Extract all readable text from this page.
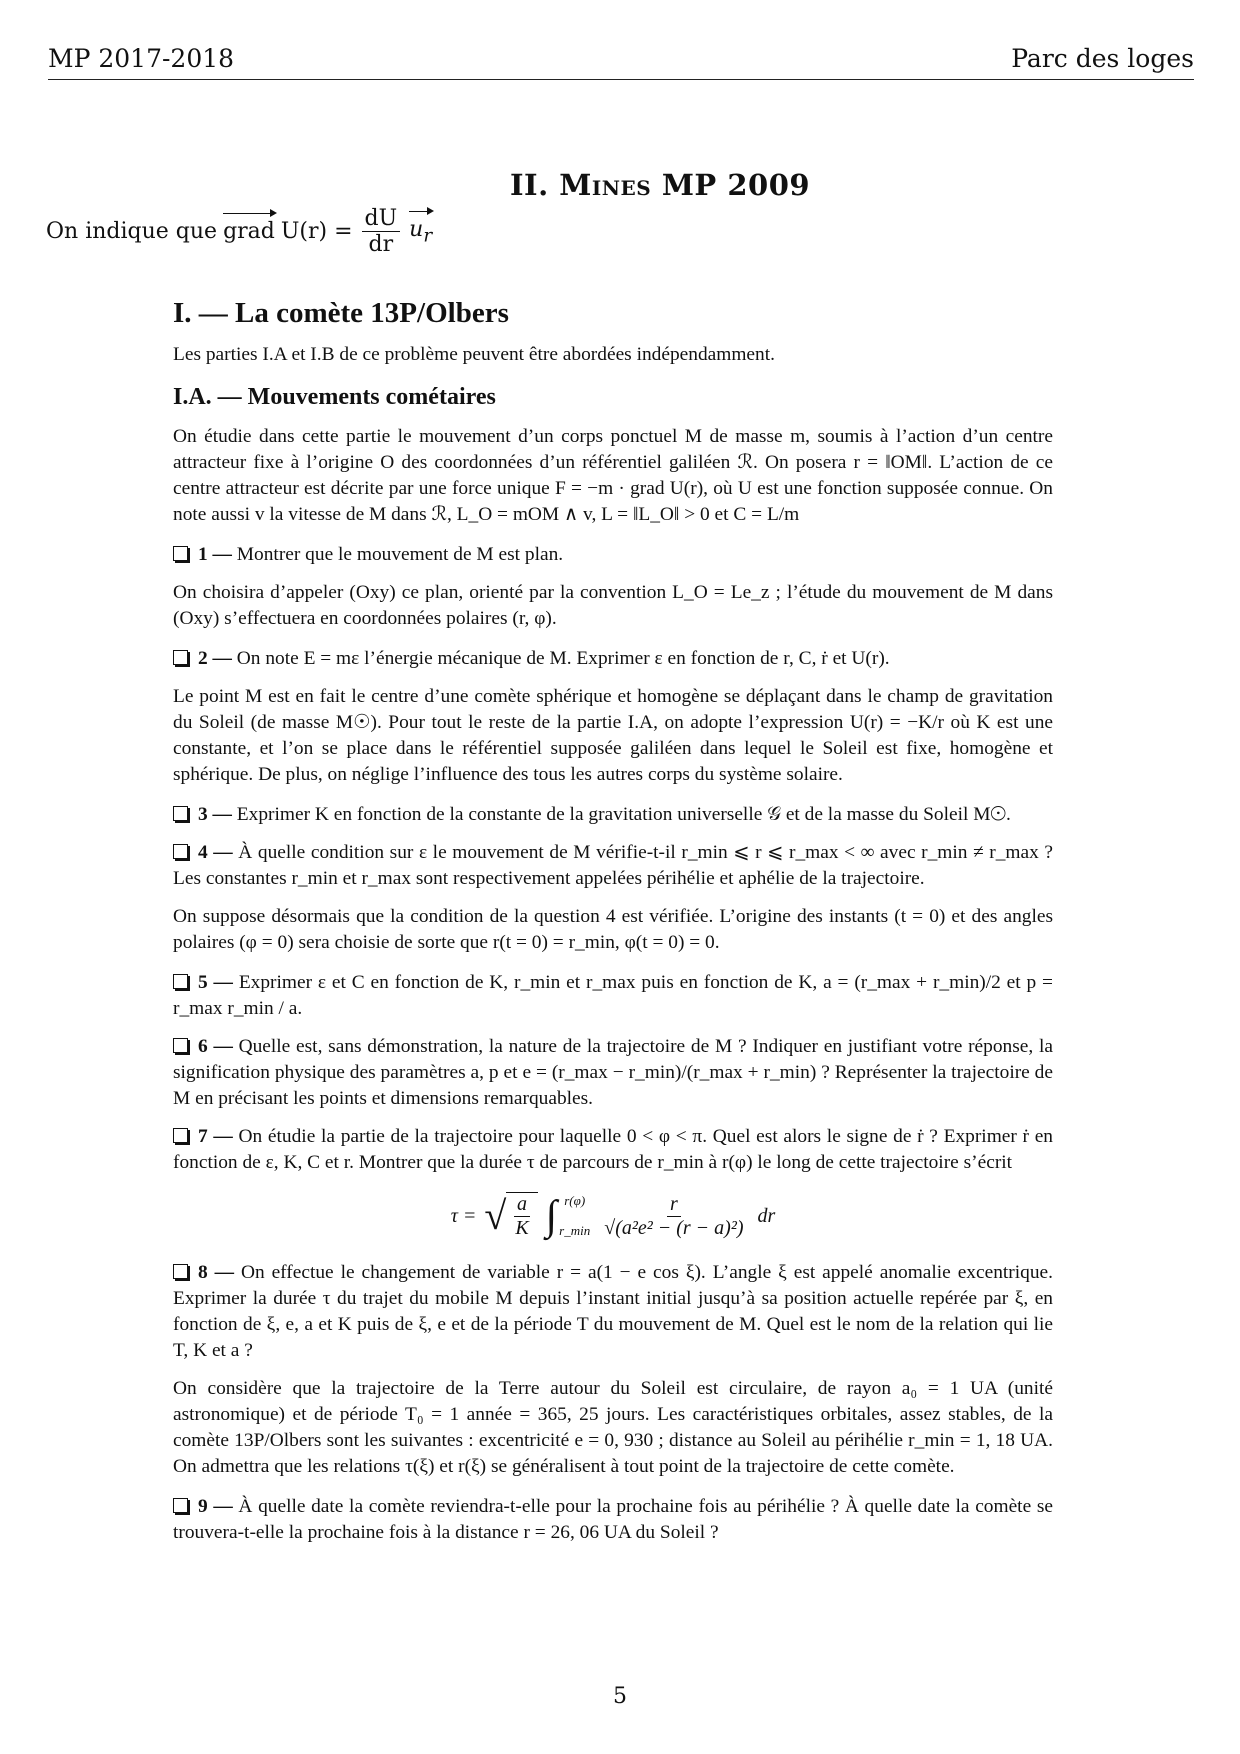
MP 2017-2018	Parc des loges
II. Mines MP 2009
On indique que grad $U(r) = \frac{dU}{dr} u_r$
I. — La comète 13P/Olbers

Les parties I.A et I.B de ce problème peuvent être abordées indépendamment.

I.A. — Mouvements cométaires

On étudie dans cette partie le mouvement d’un corps ponctuel M de masse m, soumis à l’action d’un centre attracteur fixe à l’origine O des coordonnées d’un référentiel galiléen ℛ. On posera r = ‖OM‖. L’action de ce centre attracteur est décrite par une force unique F = −m · grad U(r), où U est une fonction supposée connue. On note aussi v la vitesse de M dans ℛ, L_O = mOM ∧ v, L = ‖L_O‖ > 0 et C = L/m

1 — Montrer que le mouvement de M est plan.

On choisira d’appeler (Oxy) ce plan, orienté par la convention L_O = Le_z ; l’étude du mouvement de M dans (Oxy) s’effectuera en coordonnées polaires (r, φ).

2 — On note E = mε l’énergie mécanique de M. Exprimer ε en fonction de r, C, ṙ et U(r).

Le point M est en fait le centre d’une comète sphérique et homogène se déplaçant dans le champ de gravitation du Soleil (de masse M☉). Pour tout le reste de la partie I.A, on adopte l’expression U(r) = −K/r où K est une constante, et l’on se place dans le référentiel supposée galiléen dans lequel le Soleil est fixe, homogène et sphérique. De plus, on néglige l’influence des tous les autres corps du système solaire.

3 — Exprimer K en fonction de la constante de la gravitation universelle 𝒢 et de la masse du Soleil M☉.
4 — À quelle condition sur ε le mouvement de M vérifie-t-il r_min ⩽ r ⩽ r_max < ∞ avec r_min ≠ r_max ? Les constantes r_min et r_max sont respectivement appelées périhélie et aphélie de la trajectoire.

On suppose désormais que la condition de la question 4 est vérifiée. L’origine des instants (t = 0) et des angles polaires (φ = 0) sera choisie de sorte que r(t = 0) = r_min, φ(t = 0) = 0.

5 — Exprimer ε et C en fonction de K, r_min et r_max puis en fonction de K, a = (r_max + r_min)/2 et p = r_max r_min / a.
6 — Quelle est, sans démonstration, la nature de la trajectoire de M ? Indiquer en justifiant votre réponse, la signification physique des paramètres a, p et e = (r_max − r_min)/(r_max + r_min) ? Représenter la trajectoire de M en précisant les points et dimensions remarquables.
7 — On étudie la partie de la trajectoire pour laquelle 0 < φ < π. Quel est alors le signe de ṙ ? Exprimer ṙ en fonction de ε, K, C et r. Montrer que la durée τ de parcours de r_min à r(φ) le long de cette trajectoire s’écrit
τ = √ $\frac{a}{K}$ ∫ r(φ)
r_min $\frac{r}{\text{√(a²e² − (r − a)²)}}$ dr
8 — On effectue le changement de variable r = a(1 − e cos ξ). L’angle ξ est appelé anomalie excentrique. Exprimer la durée τ du trajet du mobile M depuis l’instant initial jusqu’à sa position actuelle repérée par ξ, en fonction de ξ, e, a et K puis de ξ, e et de la période T du mouvement de M. Quel est le nom de la relation qui lie T, K et a ?

On considère que la trajectoire de la Terre autour du Soleil est circulaire, de rayon a₀ = 1 UA (unité astronomique) et de période T₀ = 1 année = 365, 25 jours. Les caractéristiques orbitales, assez stables, de la comète 13P/Olbers sont les suivantes : excentricité e = 0, 930 ; distance au Soleil au périhélie r_min = 1, 18 UA. On admettra que les relations τ(ξ) et r(ξ) se généralisent à tout point de la trajectoire de cette comète.

9 — À quelle date la comète reviendra-t-elle pour la prochaine fois au périhélie ? À quelle date la comète se trouvera-t-elle la prochaine fois à la distance r = 26, 06 UA du Soleil ?
5
